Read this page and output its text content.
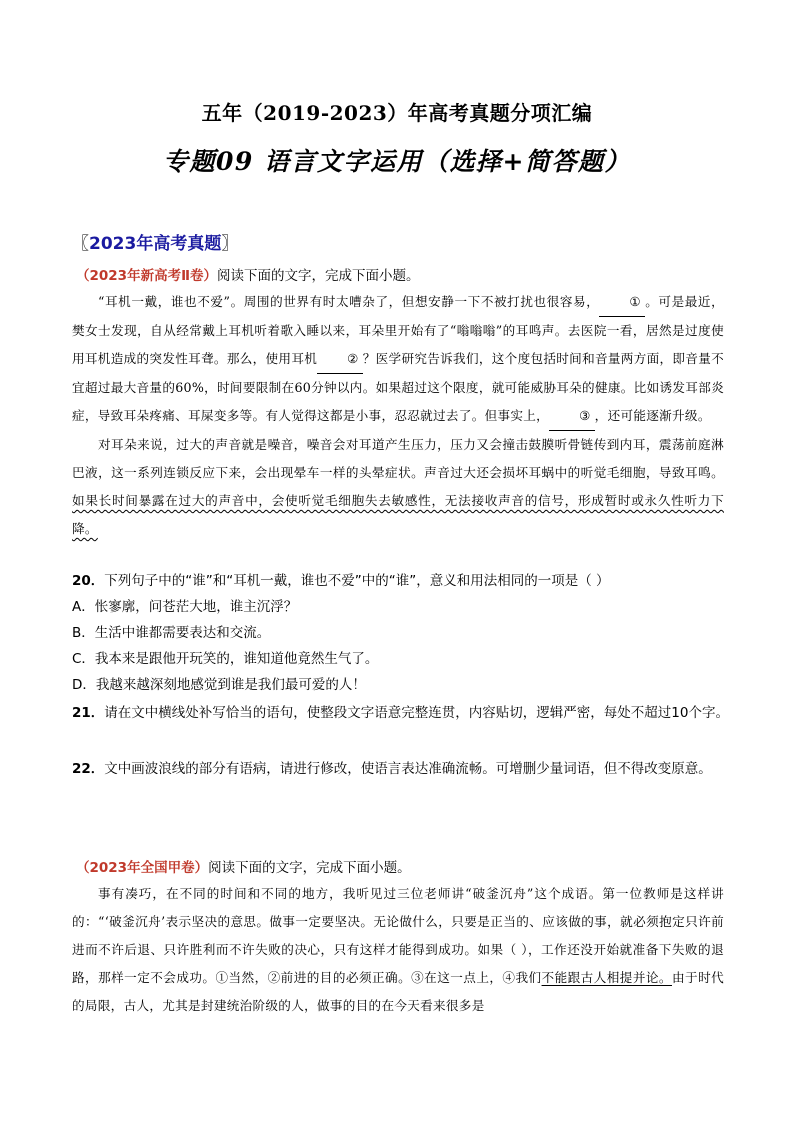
五年（2019-2023）年高考真题分项汇编
专题09 语言文字运用（选择+简答题）
〖2023年高考真题〗
（2023年新高考Ⅱ卷）阅读下面的文字，完成下面小题。

“耳机一戴，谁也不爱”。周围的世界有时太嘈杂了，但想安静一下不被打扰也很容易， ① 。可是最近，樊女士发现，自从经常戴上耳机听着歌入睡以来，耳朵里开始有了“嗡嗡嗡”的耳鸣声。去医院一看，居然是过度使用耳机造成的突发性耳聋。那么，使用耳机 ② ？医学研究告诉我们，这个度包括时间和音量两方面，即音量不宜超过最大音量的60%，时间要限制在60分钟以内。如果超过这个限度，就可能威胁耳朵的健康。比如诱发耳部炎症，导致耳朵疼痛、耳屎变多等。有人觉得这都是小事，忍忍就过去了。但事实上， ③ ，还可能逐渐升级。

对耳朵来说，过大的声音就是噪音，噪音会对耳道产生压力，压力又会撞击鼓膜听骨链传到内耳，震荡前庭淋巴液，这一系列连锁反应下来，会出现晕车一样的头晕症状。声音过大还会损坏耳蜗中的听觉毛细胞，导致耳鸣。如果长时间暴露在过大的声音中，会使听觉毛细胞失去敏感性，无法接收声音的信号，形成暂时或永久性听力下降。

20．下列句子中的“谁”和“耳机一戴，谁也不爱”中的“谁”，意义和用法相同的一项是（ ）
A．怅寥廓，问苍茫大地，谁主沉浮？
B．生活中谁都需要表达和交流。
C．我本来是跟他开玩笑的，谁知道他竟然生气了。
D．我越来越深刻地感觉到谁是我们最可爱的人！
21．请在文中横线处补写恰当的语句，使整段文字语意完整连贯，内容贴切，逻辑严密，每处不超过10个字。
22．文中画波浪线的部分有语病，请进行修改，使语言表达准确流畅。可增删少量词语，但不得改变原意。
（2023年全国甲卷）阅读下面的文字，完成下面小题。

事有凑巧，在不同的时间和不同的地方，我听见过三位老师讲“破釜沉舟”这个成语。第一位教师是这样讲的：“‘破釜沉舟’表示坚决的意思。做事一定要坚决。无论做什么，只要是正当的、应该做的事，就必须抱定只许前进而不许后退、只许胜利而不许失败的决心，只有这样才能得到成功。如果（ ），工作还没开始就准备下失败的退路，那样一定不会成功。①当然，②前进的目的必须正确。③在这一点上，④我们不能跟古人相提并论。由于时代的局限，古人，尤其是封建统治阶级的人，做事的目的在今天看来很多是
